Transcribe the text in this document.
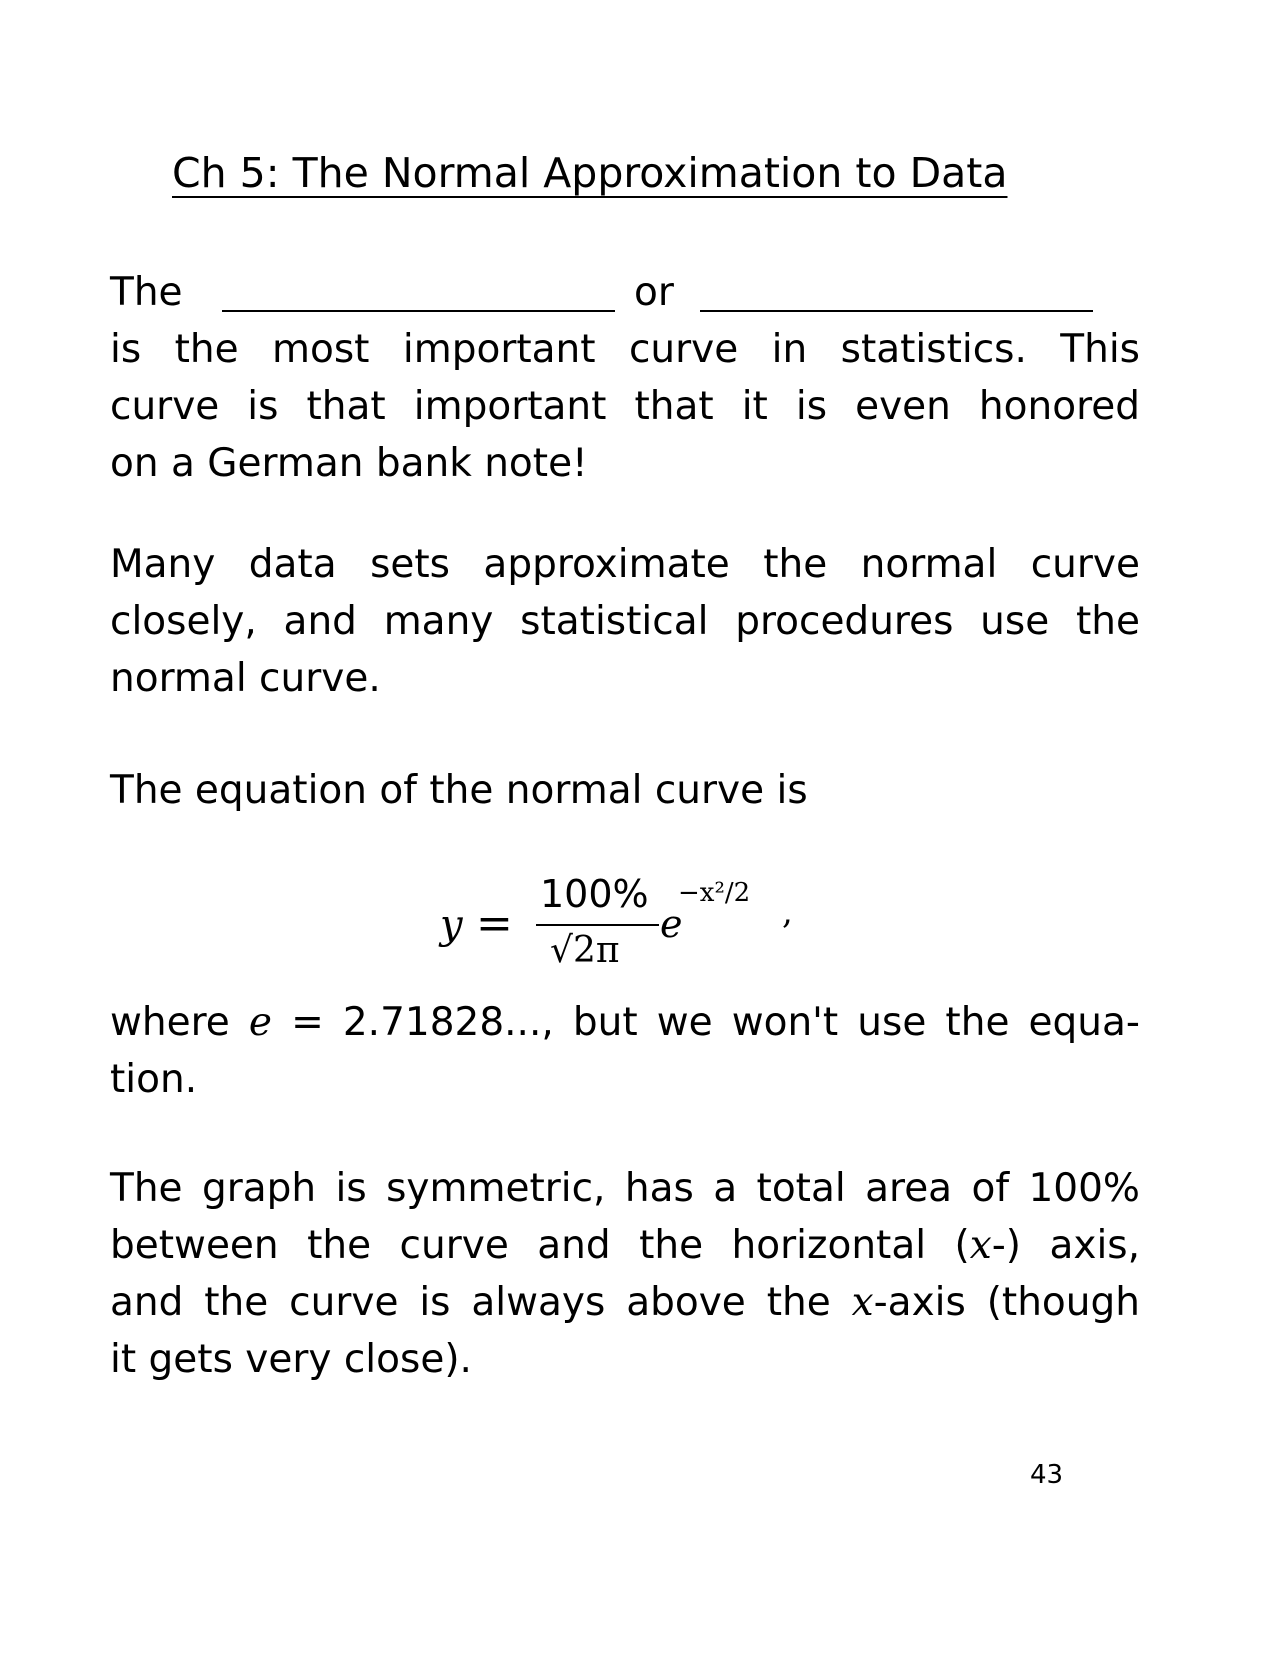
Ch 5: The Normal Approximation to Data
The	or
is the most important curve in statistics. This
curve is that important that it is even honored
on a German bank note!
Many data sets approximate the normal curve
closely, and many statistical procedures use the
normal curve.
The equation of the normal curve is
y =
100%
√2π
e
−x²/2 ,
where e = 2.71828..., but we won't use the equa-
tion.
The graph is symmetric, has a total area of 100%
between the curve and the horizontal (x-) axis,
and the curve is always above the x-axis (though
it gets very close).
43
